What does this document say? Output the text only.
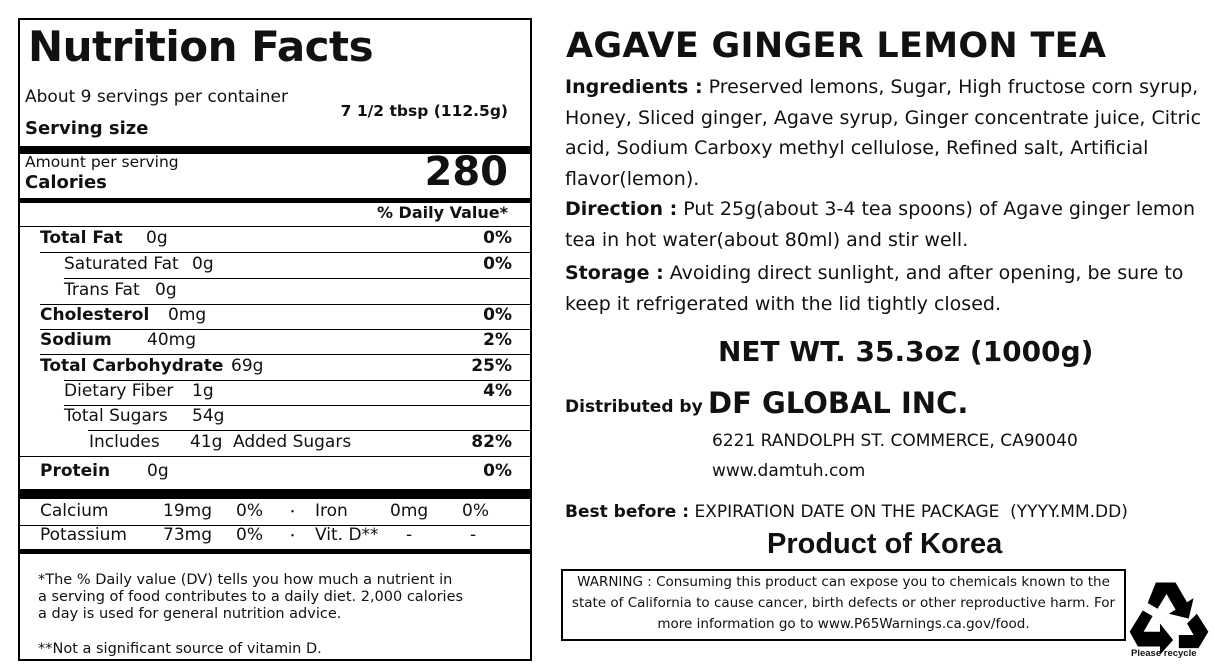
Nutrition Facts
About 9 servings per container
7 1/2 tbsp (112.5g)
Serving size
Amount per serving
Calories	280
% Daily Value*
Total Fat 0g	0%
Saturated Fat 0g	0%
Trans Fat 0g
Cholesterol 0mg	0%
Sodium 40mg	2%
Total Carbohydrate 69g	25%
Dietary Fiber 1g	4%
Total Sugars 54g
Includes 41g Added Sugars	82%
Protein 0g	0%
Calcium	19mg 0% ・ Iron 0mg 0%
Potassium 73mg 0% ・ Vit. D** -	-
*The % Daily value (DV) tells you how much a nutrient in
a serving of food contributes to a daily diet. 2,000 calories
a day is used for general nutrition advice.
**Not a significant source of vitamin D.
AGAVE GINGER LEMON TEA
Ingredients : Preserved lemons, Sugar, High fructose corn syrup, Honey, Sliced ginger, Agave syrup, Ginger concentrate juice, Citric acid, Sodium Carboxy methyl cellulose, Refined salt, Artificial flavor(lemon).
Direction : Put 25g(about 3-4 tea spoons) of Agave ginger lemon tea in hot water(about 80ml) and stir well.
Storage : Avoiding direct sunlight, and after opening, be sure to keep it refrigerated with the lid tightly closed.
NET WT. 35.3oz (1000g)
Distributed by :
DF GLOBAL INC.
6221 RANDOLPH ST. COMMERCE, CA90040
www.damtuh.com
Best before : EXPIRATION DATE ON THE PACKAGE  (YYYY.MM.DD)
Product of Korea
WARNING : Consuming this product can expose you to chemicals known to the
state of California to cause cancer, birth defects or other reproductive harm. For
more information go to www.P65Warnings.ca.gov/food.
Please recycle
